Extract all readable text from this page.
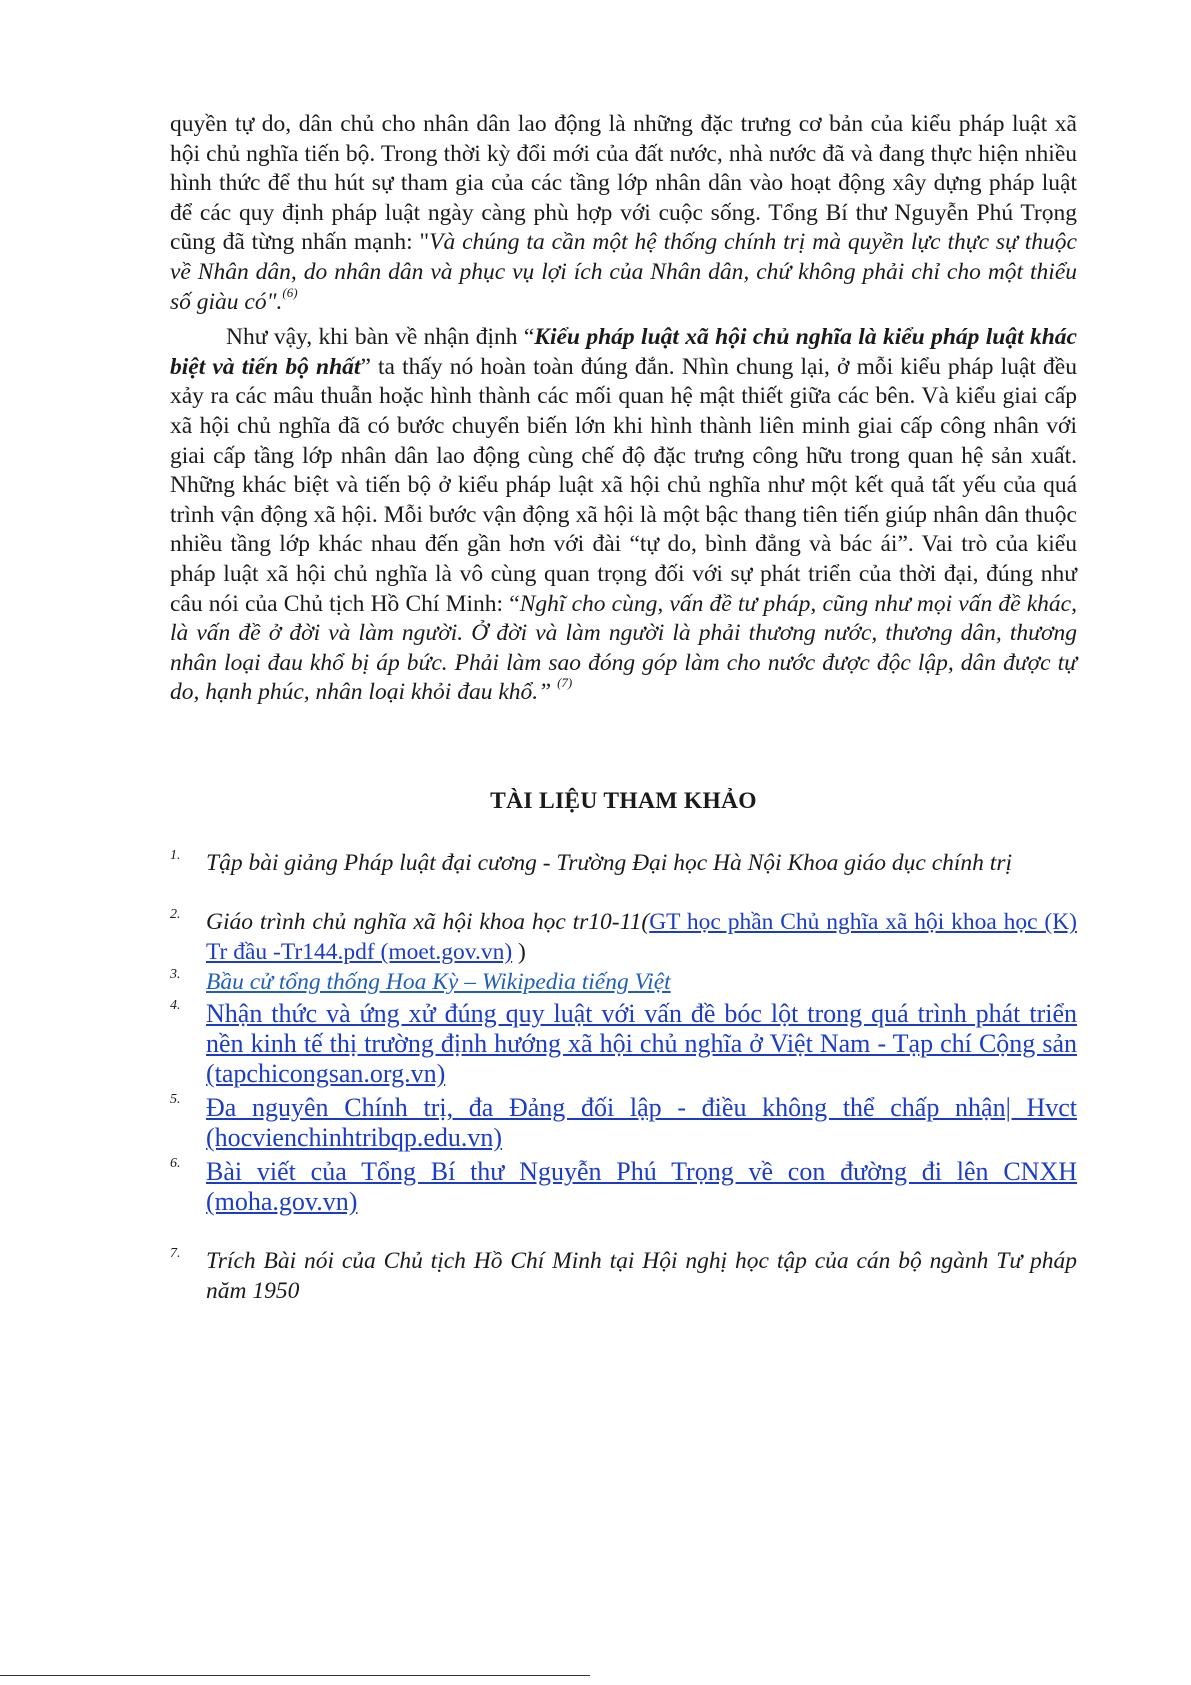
quyền tự do, dân chủ cho nhân dân lao động là những đặc trưng cơ bản của kiểu pháp luật xã hội chủ nghĩa tiến bộ. Trong thời kỳ đổi mới của đất nước, nhà nước đã và đang thực hiện nhiều hình thức để thu hút sự tham gia của các tầng lớp nhân dân vào hoạt động xây dựng pháp luật để các quy định pháp luật ngày càng phù hợp với cuộc sống. Tổng Bí thư Nguyễn Phú Trọng cũng đã từng nhấn mạnh: "Và chúng ta cần một hệ thống chính trị mà quyền lực thực sự thuộc về Nhân dân, do nhân dân và phục vụ lợi ích của Nhân dân, chứ không phải chỉ cho một thiểu số giàu có".$^{(6)}$

Như vậy, khi bàn về nhận định “Kiểu pháp luật xã hội chủ nghĩa là kiểu pháp luật khác biệt và tiến bộ nhất” ta thấy nó hoàn toàn đúng đắn. Nhìn chung lại, ở mỗi kiểu pháp luật đều xảy ra các mâu thuẫn hoặc hình thành các mối quan hệ mật thiết giữa các bên. Và kiểu giai cấp xã hội chủ nghĩa đã có bước chuyển biến lớn khi hình thành liên minh giai cấp công nhân với giai cấp tầng lớp nhân dân lao động cùng chế độ đặc trưng công hữu trong quan hệ sản xuất. Những khác biệt và tiến bộ ở kiểu pháp luật xã hội chủ nghĩa như một kết quả tất yếu của quá trình vận động xã hội. Mỗi bước vận động xã hội là một bậc thang tiên tiến giúp nhân dân thuộc nhiều tầng lớp khác nhau đến gần hơn với đài “tự do, bình đẳng và bác ái”. Vai trò của kiểu pháp luật xã hội chủ nghĩa là vô cùng quan trọng đối với sự phát triển của thời đại, đúng như câu nói của Chủ tịch Hồ Chí Minh: “Nghĩ cho cùng, vấn đề tư pháp, cũng như mọi vấn đề khác, là vấn đề ở đời và làm người. Ở đời và làm người là phải thương nước, thương dân, thương nhân loại đau khổ bị áp bức. Phải làm sao đóng góp làm cho nước được độc lập, dân được tự do, hạnh phúc, nhân loại khỏi đau khổ.” $^{(7)}$

TÀI LIỆU THAM KHẢO
1. Tập bài giảng Pháp luật đại cương - Trường Đại học Hà Nội Khoa giáo dục chính trị
2. Giáo trình chủ nghĩa xã hội khoa học tr10-11(GT học phần Chủ nghĩa xã hội khoa học (K) Tr đầu -Tr144.pdf (moet.gov.vn) )
3. Bầu cử tổng thống Hoa Kỳ – Wikipedia tiếng Việt
4. Nhận thức và ứng xử đúng quy luật với vấn đề bóc lột trong quá trình phát triển nền kinh tế thị trường định hướng xã hội chủ nghĩa ở Việt Nam - Tạp chí Cộng sản (tapchicongsan.org.vn)
5. Đa nguyên Chính trị, đa Đảng đối lập - điều không thể chấp nhận| Hvct (hocvienchinhtribqp.edu.vn)
6. Bài viết của Tổng Bí thư Nguyễn Phú Trọng về con đường đi lên CNXH (moha.gov.vn)
7. Trích Bài nói của Chủ tịch Hồ Chí Minh tại Hội nghị học tập của cán bộ ngành Tư pháp năm 1950
